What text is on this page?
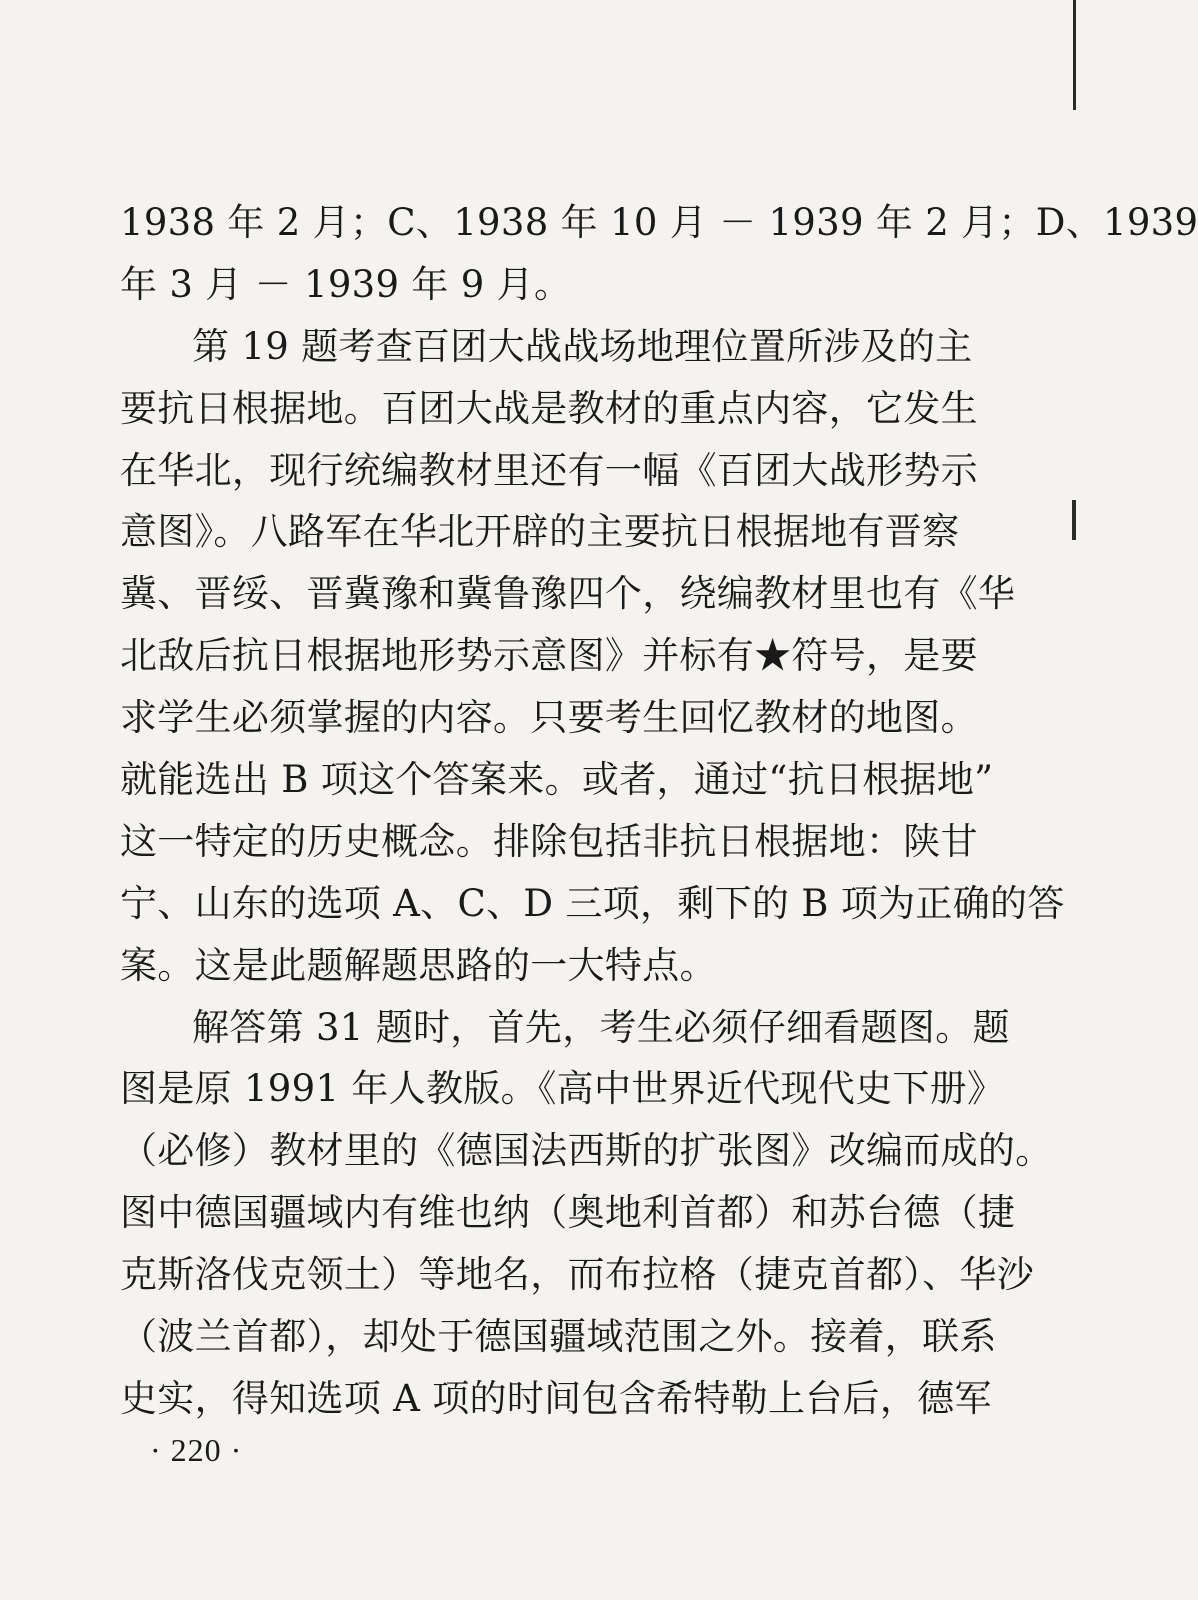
1938 年 2 月；C、1938 年 10 月 － 1939 年 2 月；D、1939
年 3 月 － 1939 年 9 月。
第 19 题考查百团大战战场地理位置所涉及的主
要抗日根据地。百团大战是教材的重点内容，它发生
在华北，现行统编教材里还有一幅《百团大战形势示
意图》。八路军在华北开辟的主要抗日根据地有晋察
冀、晋绥、晋冀豫和冀鲁豫四个，绕编教材里也有《华
北敌后抗日根据地形势示意图》并标有★符号，是要
求学生必须掌握的内容。只要考生回忆教材的地图。
就能选出 B 项这个答案来。或者，通过“抗日根据地”
这一特定的历史概念。排除包括非抗日根据地：陕甘
宁、山东的选项 A、C、D 三项，剩下的 B 项为正确的答
案。这是此题解题思路的一大特点。
解答第 31 题时，首先，考生必须仔细看题图。题
图是原 1991 年人教版。《高中世界近代现代史下册》
（必修）教材里的《德国法西斯的扩张图》改编而成的。
图中德国疆域内有维也纳（奥地利首都）和苏台德（捷
克斯洛伐克领土）等地名，而布拉格（捷克首都）、华沙
（波兰首都），却处于德国疆域范围之外。接着，联系
史实，得知选项 A 项的时间包含希特勒上台后，德军
· 220 ·
